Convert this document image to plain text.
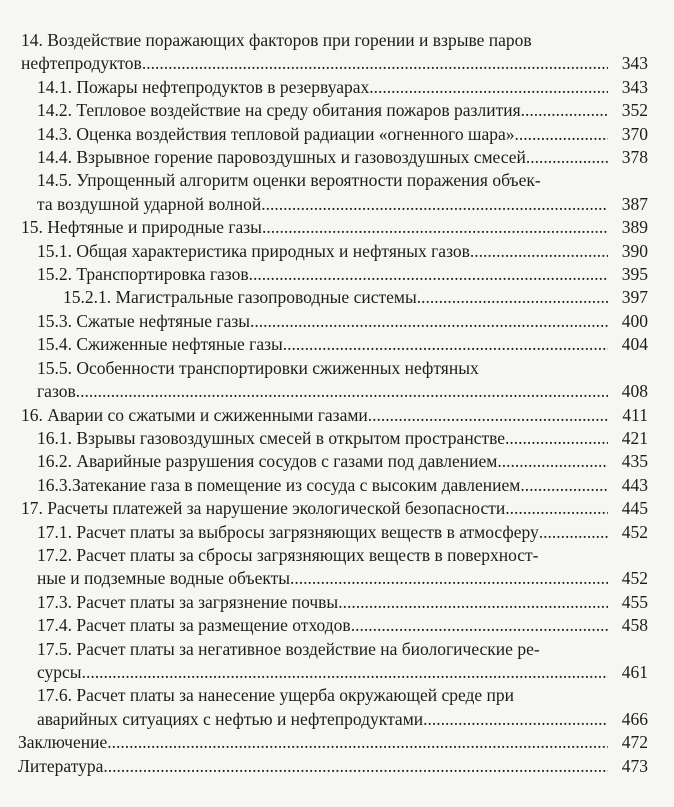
14. Воздействие поражающих факторов при горении и взрыве паров
нефтепродуктов .....	343
14.1. Пожары нефтепродуктов в резервуарах .....	343
14.2. Тепловое воздействие на среду обитания пожаров разлития .....	352
14.3. Оценка воздействия тепловой радиации «огненного шара» .....	370
14.4. Взрывное горение паровоздушных и газовоздушных смесей .....	378
14.5. Упрощенный алгоритм оценки вероятности поражения объек-
та воздушной ударной волной .....	387
15. Нефтяные и природные газы .....	389
15.1. Общая характеристика природных и нефтяных газов .....	390
15.2. Транспортировка газов .....	395
15.2.1. Магистральные газопроводные системы .....	397
15.3. Сжатые нефтяные газы .....	400
15.4. Сжиженные нефтяные газы .....	404
15.5. Особенности транспортировки сжиженных нефтяных
газов .....	408
16. Аварии со сжатыми и сжиженными газами .....	411
16.1. Взрывы газовоздушных смесей в открытом пространстве .....	421
16.2. Аварийные разрушения сосудов с газами под давлением .....	435
16.3.Затекание газа в помещение из сосуда с высоким давлением .....	443
17. Расчеты платежей за нарушение экологической безопасности .....	445
17.1. Расчет платы за выбросы загрязняющих веществ в атмосферу .....	452
17.2. Расчет платы за сбросы загрязняющих веществ в поверхност-
ные и подземные водные объекты .....	452
17.3. Расчет платы за загрязнение почвы .....	455
17.4. Расчет платы за размещение отходов .....	458
17.5. Расчет платы за негативное воздействие на биологические ре-
сурсы .....	461
17.6. Расчет платы за нанесение ущерба окружающей среде при
аварийных ситуациях с нефтью и нефтепродуктами .....	466
Заключение .....	472
Литература .....	473
